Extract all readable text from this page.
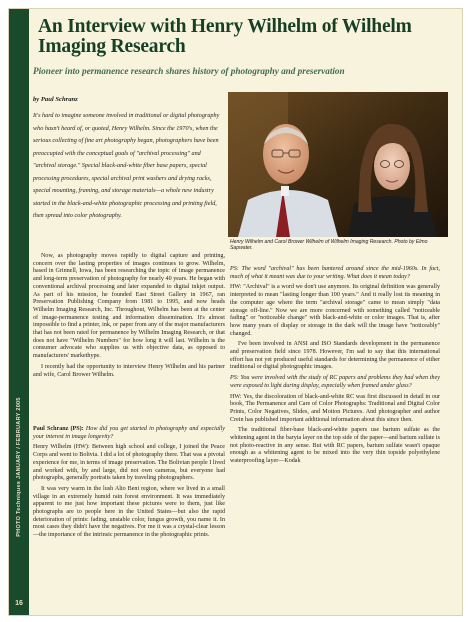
PHOTO Techniques JANUARY / FEBRUARY 2005
16
An Interview with Henry Wilhelm of Wilhelm Imaging Research

Pioneer into permanence research shares history of photography and preservation

by Paul Schranz

It's hard to imagine someone involved in traditional or digital photography who hasn't heard of, or quoted, Henry Wilhelm. Since the 1970's, when the serious collecting of fine art photography began, photographers have been preoccupied with the conceptual goals of "archival processing" and "archival storage." Special black-and-white fiber base papers, special processing procedures, special archival print washers and drying racks, special mounting, framing, and storage materials—a whole new industry started in the black-and-white photographic processing and printing field, then spread into color photography.

Henry Wilhelm and Carol Brower Wilhelm of Wilhelm Imaging Research. Photo by Elmo Sapwater.

Now, as photography moves rapidly to digital capture and printing, concern over the lasting properties of images continues to grow. Wilhelm, based in Grinnell, Iowa, has been researching the topic of image permanence and long-term preservation of photography for nearly 40 years. He began with conventional archival processing and later expanded to digital inkjet output. As part of his mission, he founded East Street Gallery in 1967, ran Preservation Publishing Company from 1981 to 1995, and now heads Wilhelm Imaging Research, Inc. Throughout, Wilhelm has been at the center of image-permanence testing and information dissemination. It's almost impossible to find a printer, ink, or paper from any of the major manufacturers that has not been rated for permanence by Wilhelm Imaging Research, or that does not have "Wilhelm Numbers" for how long it will last. Wilhelm is the consumer advocate who supplies us with objective data, as opposed to manufacturers' markethype.

I recently had the opportunity to interview Henry Wilhelm and his partner and wife, Carol Brower Wilhelm.

Paul Schranz (PS): How did you get started in photography and especially your interest in image longevity?

Henry Wilhelm (HW): Between high school and college, I joined the Peace Corps and went to Bolivia. I did a lot of photography there. That was a pivotal experience for me, in terms of image preservation. The Bolivian people I lived and worked with, by and large, did not own cameras, but everyone had photographs, generally portraits taken by traveling photographers.

It was very warm in the lush Alto Beni region, where we lived in a small village in an extremely humid rain forest environment. It was immediately apparent to me just how important these pictures were to them, just like photographs are to people here in the United States—but also the rapid deterioration of prints: fading, unstable color, fungus growth, you name it. In most cases they didn't have the negatives. For me it was a crystal-clear lesson—the importance of the intrinsic permanence in the photographic prints.

PS: The word "archival" has been bantered around since the mid-1960s. In fact, much of what it meant was due to your writing. What does it mean today?

HW: "Archival" is a word we don't use anymore. Its original definition was generally interpreted to mean "lasting longer than 100 years." And it really lost its meaning in the computer age where the term "archival storage" came to mean simply "data storage off-line." Now we are more concerned with something called "noticeable fading" or "noticeable change" with black-and-white or color images. That is, after how many years of display or storage in the dark will the image have "noticeably" changed.

I've been involved in ANSI and ISO Standards development in the permanence and preservation field since 1978. However, I'm sad to say that this international effort has not yet produced useful standards for determining the permanence of either traditional or digital photographic images.

PS: You were involved with the study of RC papers and problems they had when they were exposed to light during display, especially when framed under glass?

HW: Yes, the discoloration of black-and-white RC was first discussed in detail in our book, The Permanence and Care of Color Photographs: Traditional and Digital Color Prints, Color Negatives, Slides, and Motion Pictures. And photographer and author Crein has published important additional information about this since then.

The traditional fiber-base black-and-white papers use barium sulfate as the whitening agent in the baryta layer on the top side of the paper—and barium sulfate is not photo-reactive in any sense. But with RC papers, barium sulfate wasn't opaque enough as a whitening agent to be mixed into the very thin topside polyethylene waterproofing layer—Kodak
